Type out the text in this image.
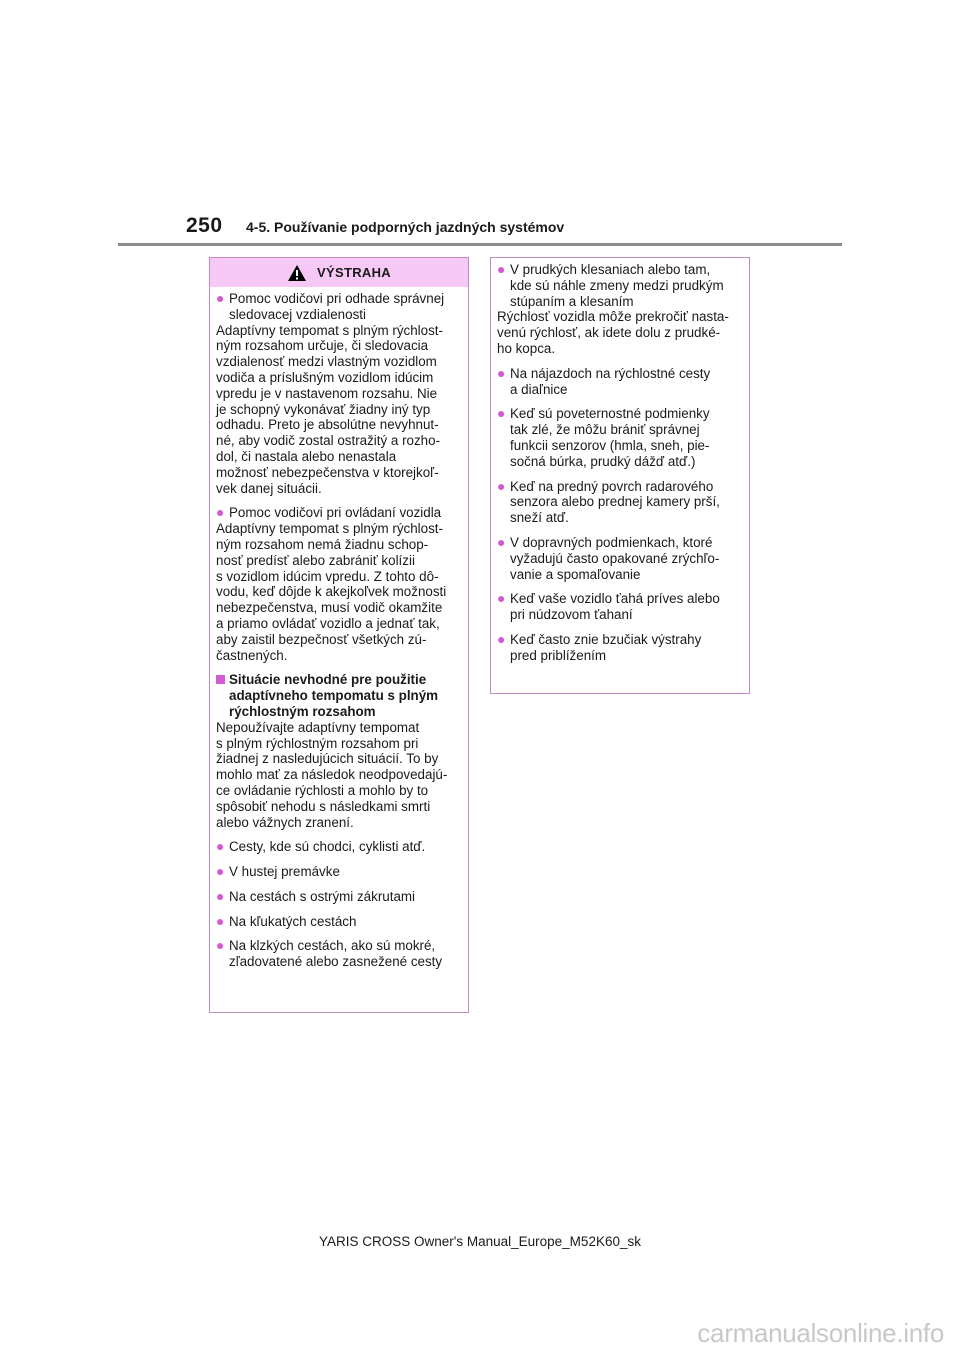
250 4-5. Používanie podporných jazdných systémov
VÝSTRAHA
● Pomoc vodičovi pri odhade správnej
sledovacej vzdialenosti
Adaptívny tempomat s plným rýchlost-
ným rozsahom určuje, či sledovacia
vzdialenosť medzi vlastným vozidlom
vodiča a príslušným vozidlom idúcim
vpredu je v nastavenom rozsahu. Nie
je schopný vykonávať žiadny iný typ
odhadu. Preto je absolútne nevyhnut-
né, aby vodič zostal ostražitý a rozho-
dol, či nastala alebo nenastala
možnosť nebezpečenstva v ktorejkoľ-
vek danej situácii.
● Pomoc vodičovi pri ovládaní vozidla
Adaptívny tempomat s plným rýchlost-
ným rozsahom nemá žiadnu schop-
nosť predísť alebo zabrániť kolízii
s vozidlom idúcim vpredu. Z tohto dô-
vodu, keď dôjde k akejkoľvek možnosti
nebezpečenstva, musí vodič okamžite
a priamo ovládať vozidlo a jednať tak,
aby zaistil bezpečnosť všetkých zú-
častnených.
Situácie nevhodné pre použitie
adaptívneho tempomatu s plným
rýchlostným rozsahom
Nepoužívajte adaptívny tempomat
s plným rýchlostným rozsahom pri
žiadnej z nasledujúcich situácií. To by
mohlo mať za následok neodpovedajú-
ce ovládanie rýchlosti a mohlo by to
spôsobiť nehodu s následkami smrti
alebo vážnych zranení.
● Cesty, kde sú chodci, cyklisti atď.
● V hustej premávke
● Na cestách s ostrými zákrutami
● Na kľukatých cestách
● Na klzkých cestách, ako sú mokré,
zľadovatené alebo zasnežené cesty
● V prudkých klesaniach alebo tam,
kde sú náhle zmeny medzi prudkým
stúpaním a klesaním
Rýchlosť vozidla môže prekročiť nasta-
venú rýchlosť, ak idete dolu z prudké-
ho kopca.
● Na nájazdoch na rýchlostné cesty
a diaľnice
● Keď sú poveternostné podmienky
tak zlé, že môžu brániť správnej
funkcii senzorov (hmla, sneh, pie-
sočná búrka, prudký dážď atď.)
● Keď na predný povrch radarového
senzora alebo prednej kamery prší,
sneží atď.
● V dopravných podmienkach, ktoré
vyžadujú často opakované zrýchľo-
vanie a spomaľovanie
● Keď vaše vozidlo ťahá príves alebo
pri núdzovom ťahaní
● Keď často znie bzučiak výstrahy
pred priblížením
YARIS CROSS Owner's Manual_Europe_M52K60_sk
carmanualsonline.info
